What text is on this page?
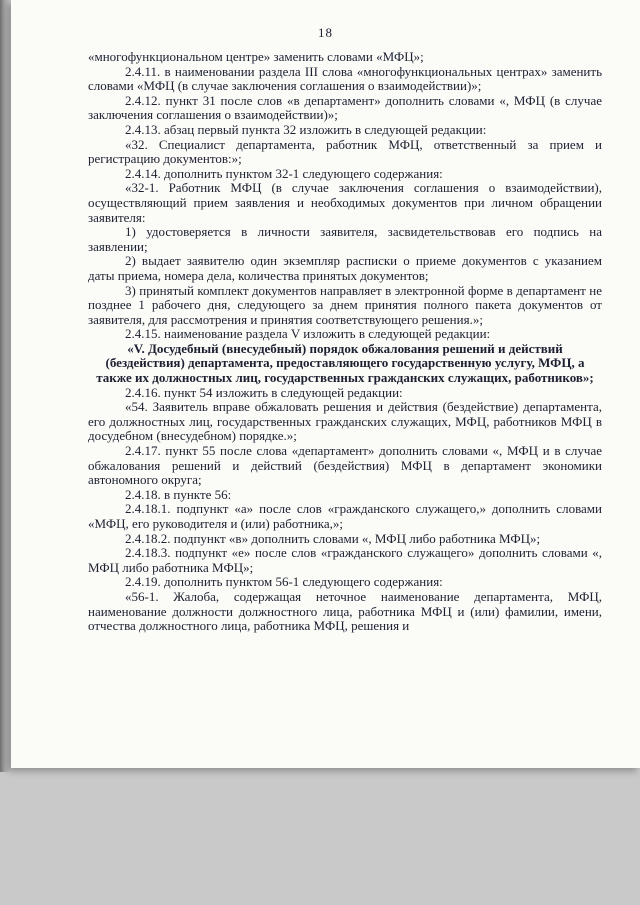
18

«многофункциональном центре» заменить словами «МФЦ»;

2.4.11. в наименовании раздела III слова «многофункциональных центрах» заменить словами «МФЦ (в случае заключения соглашения о взаимодействии)»;

2.4.12. пункт 31 после слов «в департамент» дополнить словами «, МФЦ (в случае заключения соглашения о взаимодействии)»;

2.4.13. абзац первый пункта 32 изложить в следующей редакции:

«32. Специалист департамента, работник МФЦ, ответственный за прием и регистрацию документов:»;

2.4.14. дополнить пунктом 32-1 следующего содержания:

«32-1. Работник МФЦ (в случае заключения соглашения о взаимодействии), осуществляющий прием заявления и необходимых документов при личном обращении заявителя:

1) удостоверяется в личности заявителя, засвидетельствовав его подпись на заявлении;

2) выдает заявителю один экземпляр расписки о приеме документов с указанием даты приема, номера дела, количества принятых документов;

3) принятый комплект документов направляет в электронной форме в департамент не позднее 1 рабочего дня, следующего за днем принятия полного пакета документов от заявителя, для рассмотрения и принятия соответствующего решения.»;

2.4.15. наименование раздела V изложить в следующей редакции:

«V. Досудебный (внесудебный) порядок обжалования решений и действий (бездействия) департамента, предоставляющего государственную услугу, МФЦ, а также их должностных лиц, государственных гражданских служащих, работников»;

2.4.16. пункт 54 изложить в следующей редакции:

«54. Заявитель вправе обжаловать решения и действия (бездействие) департамента, его должностных лиц, государственных гражданских служащих, МФЦ, работников МФЦ в досудебном (внесудебном) порядке.»;

2.4.17. пункт 55 после слова «департамент» дополнить словами «, МФЦ и в случае обжалования решений и действий (бездействия) МФЦ в департамент экономики автономного округа;

2.4.18. в пункте 56:

2.4.18.1. подпункт «а» после слов «гражданского служащего,» дополнить словами «МФЦ, его руководителя и (или) работника,»;

2.4.18.2. подпункт «в» дополнить словами «, МФЦ либо работника МФЦ»;

2.4.18.3. подпункт «е» после слов «гражданского служащего» дополнить словами «, МФЦ либо работника МФЦ»;

2.4.19. дополнить пунктом 56-1 следующего содержания:

«56-1. Жалоба, содержащая неточное наименование департамента, МФЦ, наименование должности должностного лица, работника МФЦ и (или) фамилии, имени, отчества должностного лица, работника МФЦ, решения и
